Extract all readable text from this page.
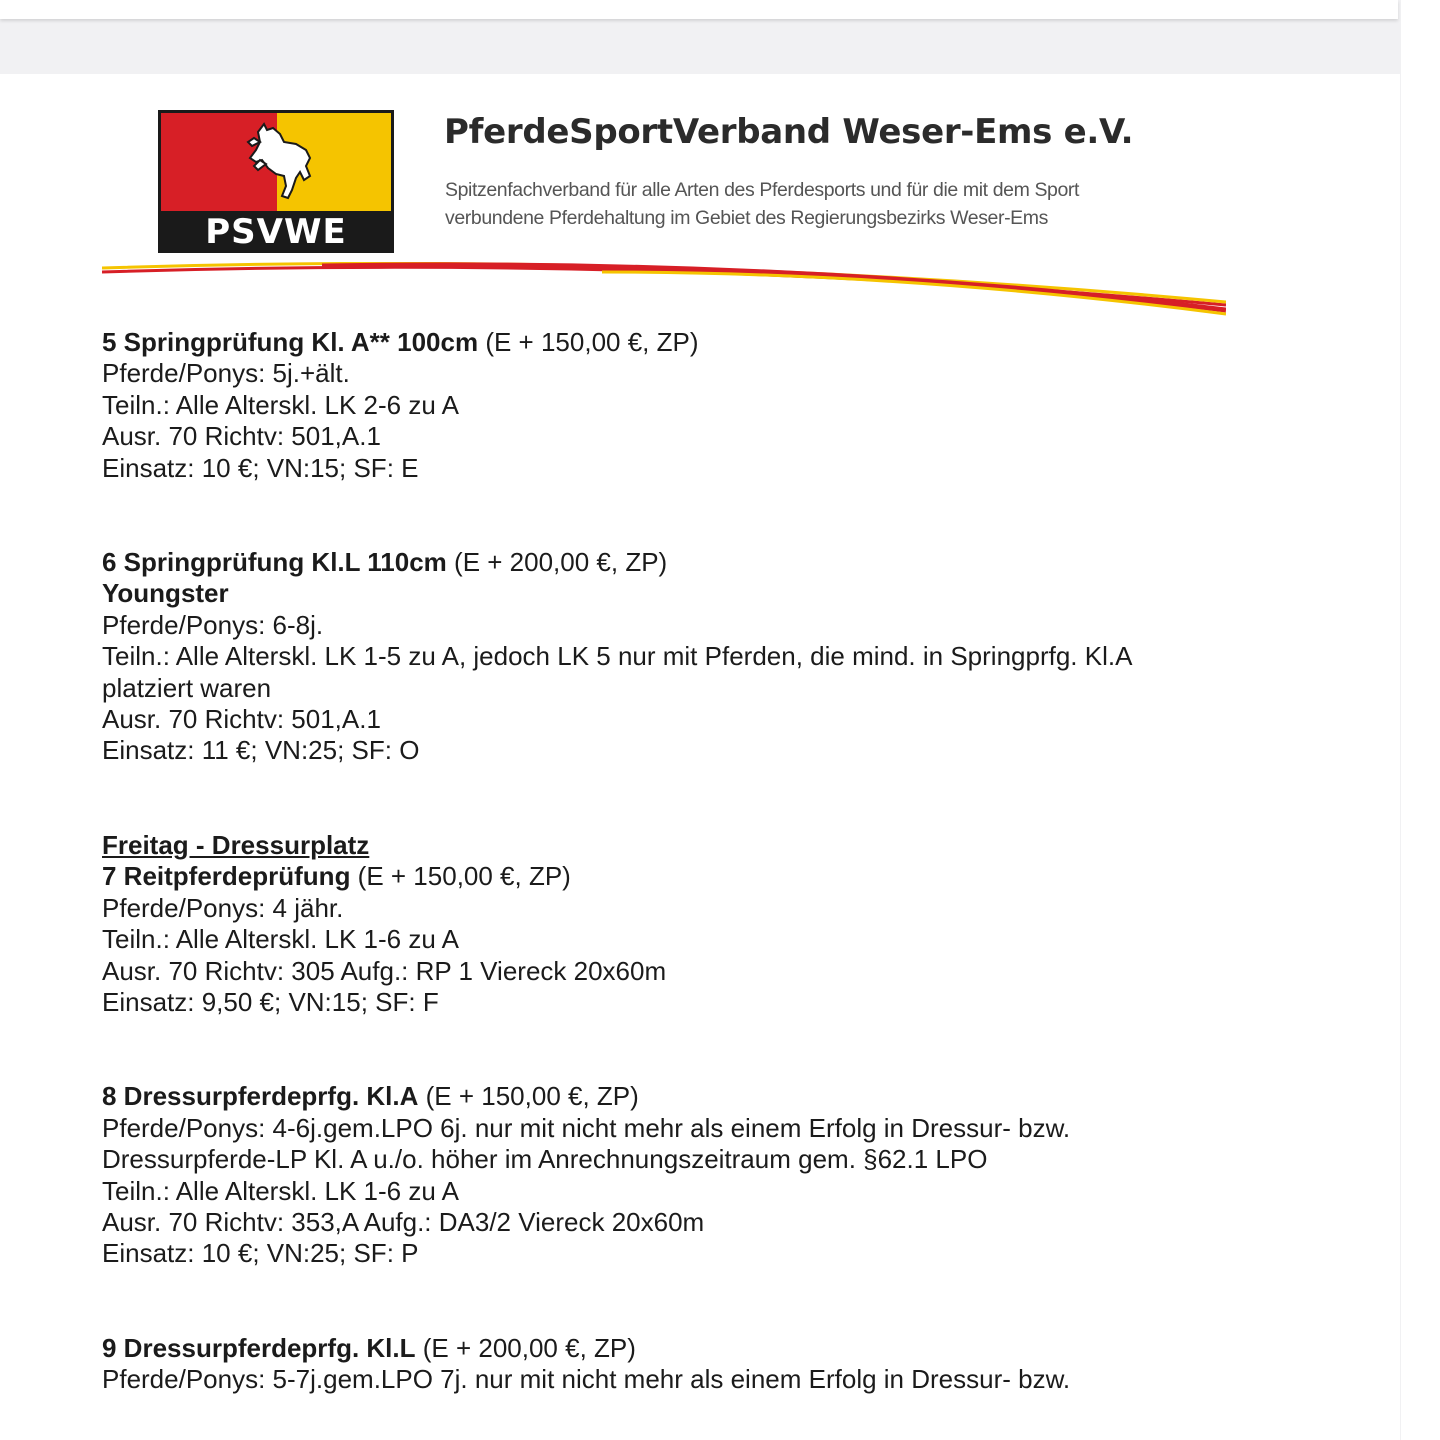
PSVWE
PferdeSportVerband Weser-Ems e.V.
Spitzenfachverband für alle Arten des Pferdesports und für die mit dem Sport
verbundene Pferdehaltung im Gebiet des Regierungsbezirks Weser-Ems

5 Springprüfung Kl. A** 100cm (E + 150,00 €, ZP)

Pferde/Ponys: 5j.+ält.

Teiln.: Alle Alterskl. LK 2-6 zu A

Ausr. 70 Richtv: 501,A.1

Einsatz: 10 €; VN:15; SF: E

6 Springprüfung Kl.L 110cm (E + 200,00 €, ZP)

Youngster

Pferde/Ponys: 6-8j.

Teiln.: Alle Alterskl. LK 1-5 zu A, jedoch LK 5 nur mit Pferden, die mind. in Springprfg. Kl.A

platziert waren

Ausr. 70 Richtv: 501,A.1

Einsatz: 11 €; VN:25; SF: O

Freitag - Dressurplatz

7 Reitpferdeprüfung (E + 150,00 €, ZP)

Pferde/Ponys: 4 jähr.

Teiln.: Alle Alterskl. LK 1-6 zu A

Ausr. 70 Richtv: 305 Aufg.: RP 1 Viereck 20x60m

Einsatz: 9,50 €; VN:15; SF: F

8 Dressurpferdeprfg. Kl.A (E + 150,00 €, ZP)

Pferde/Ponys: 4-6j.gem.LPO 6j. nur mit nicht mehr als einem Erfolg in Dressur- bzw.

Dressurpferde-LP Kl. A u./o. höher im Anrechnungszeitraum gem. §62.1 LPO

Teiln.: Alle Alterskl. LK 1-6 zu A

Ausr. 70 Richtv: 353,A Aufg.: DA3/2 Viereck 20x60m

Einsatz: 10 €; VN:25; SF: P

9 Dressurpferdeprfg. Kl.L (E + 200,00 €, ZP)

Pferde/Ponys: 5-7j.gem.LPO 7j. nur mit nicht mehr als einem Erfolg in Dressur- bzw.
